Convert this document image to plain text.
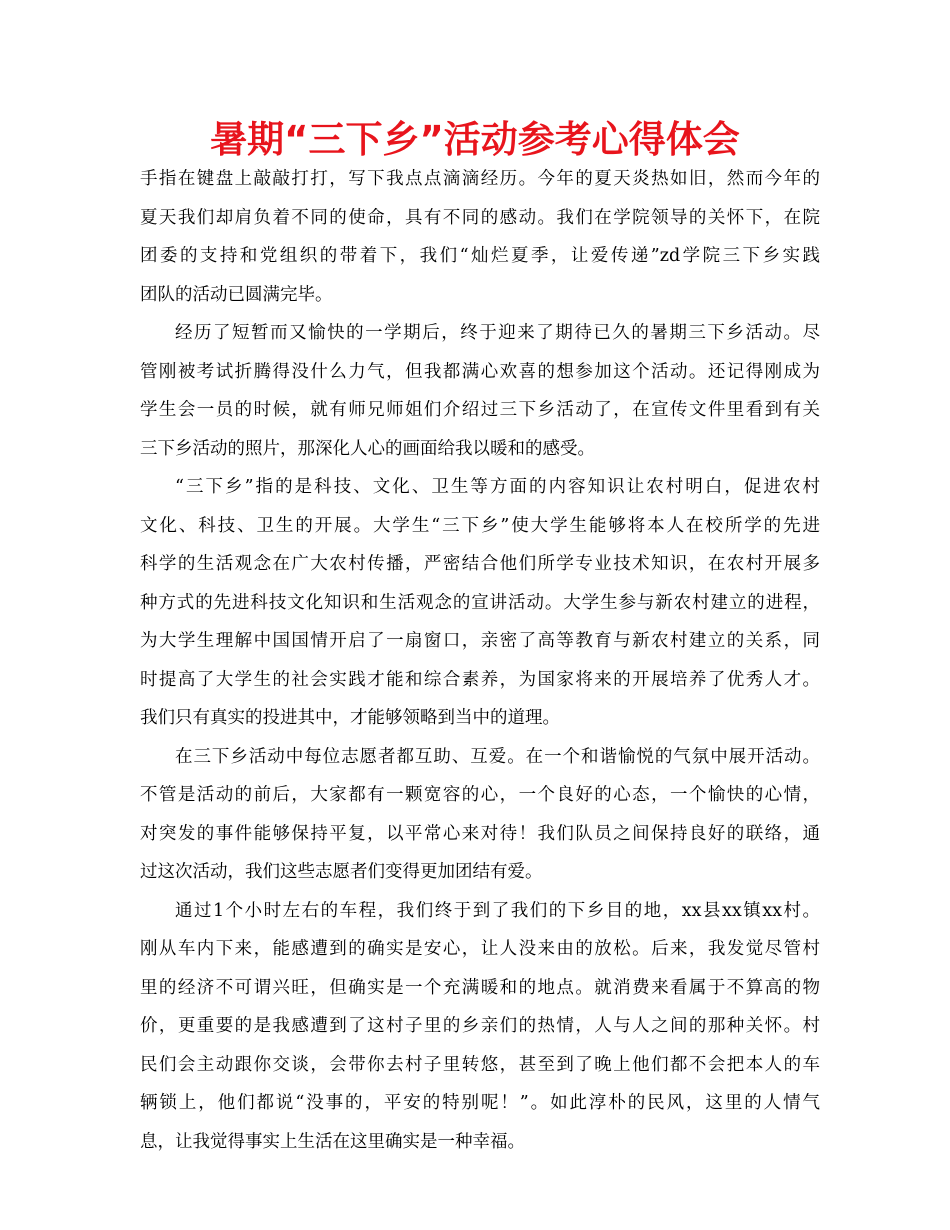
暑期“三下乡”活动参考心得体会
手指在键盘上敲敲打打，写下我点点滴滴经历。今年的夏天炎热如旧，然而今年的
夏天我们却肩负着不同的使命，具有不同的感动。我们在学院领导的关怀下，在院
团委的支持和党组织的带着下，我们“灿烂夏季，让爱传递”zd学院三下乡实践
团队的活动已圆满完毕。
经历了短暂而又愉快的一学期后，终于迎来了期待已久的暑期三下乡活动。尽
管刚被考试折腾得没什么力气，但我都满心欢喜的想参加这个活动。还记得刚成为
学生会一员的时候，就有师兄师姐们介绍过三下乡活动了，在宣传文件里看到有关
三下乡活动的照片，那深化人心的画面给我以暖和的感受。
“三下乡”指的是科技、文化、卫生等方面的内容知识让农村明白，促进农村
文化、科技、卫生的开展。大学生“三下乡”使大学生能够将本人在校所学的先进
科学的生活观念在广大农村传播，严密结合他们所学专业技术知识，在农村开展多
种方式的先进科技文化知识和生活观念的宣讲活动。大学生参与新农村建立的进程，
为大学生理解中国国情开启了一扇窗口，亲密了高等教育与新农村建立的关系，同
时提高了大学生的社会实践才能和综合素养，为国家将来的开展培养了优秀人才。
我们只有真实的投进其中，才能够领略到当中的道理。
在三下乡活动中每位志愿者都互助、互爱。在一个和谐愉悦的气氛中展开活动。
不管是活动的前后，大家都有一颗宽容的心，一个良好的心态，一个愉快的心情，
对突发的事件能够保持平复，以平常心来对待！我们队员之间保持良好的联络，通
过这次活动，我们这些志愿者们变得更加团结有爱。
通过1个小时左右的车程，我们终于到了我们的下乡目的地，xx县xx镇xx村。
刚从车内下来，能感遭到的确实是安心，让人没来由的放松。后来，我发觉尽管村
里的经济不可谓兴旺，但确实是一个充满暖和的地点。就消费来看属于不算高的物
价，更重要的是我感遭到了这村子里的乡亲们的热情，人与人之间的那种关怀。村
民们会主动跟你交谈，会带你去村子里转悠，甚至到了晚上他们都不会把本人的车
辆锁上，他们都说“没事的，平安的特别呢！”。如此淳朴的民风，这里的人情气
息，让我觉得事实上生活在这里确实是一种幸福。
